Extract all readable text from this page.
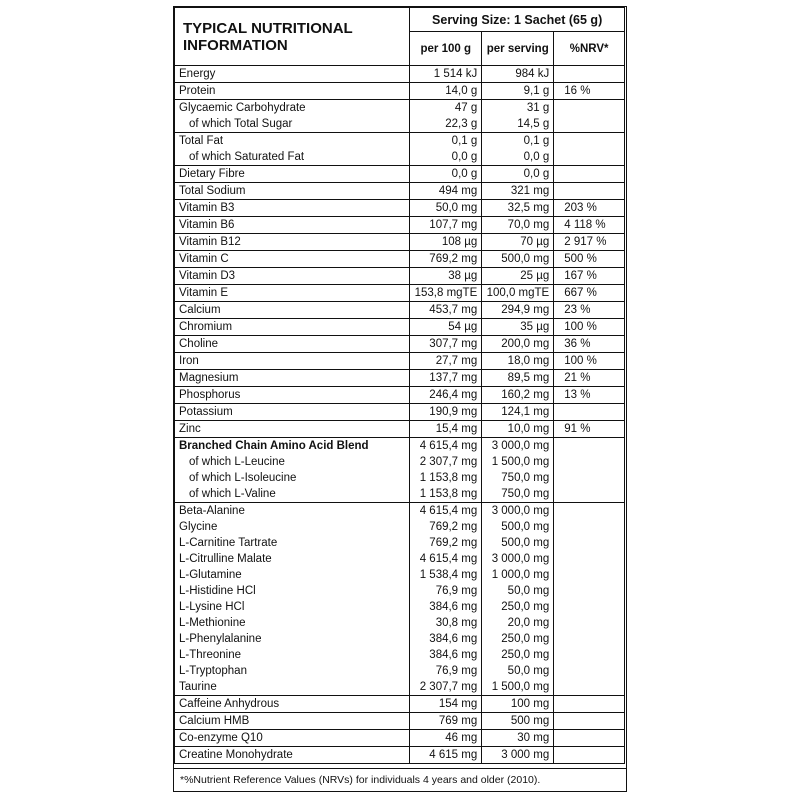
TYPICAL NUTRITIONAL
INFORMATION	Serving Size: 1 Sachet (65 g)		
	per 100 g	per serving	%NRV*
Energy	1 514 kJ	984 kJ	
Protein	14,0 g	9,1 g	16 %
Glycaemic Carbohydrate	47 g	31 g	
of which Total Sugar	22,3 g	14,5 g	
Total Fat	0,1 g	0,1 g	
of which Saturated Fat	0,0 g	0,0 g	
Dietary Fibre	0,0 g	0,0 g	
Total Sodium	494 mg	321 mg	
Vitamin B3	50,0 mg	32,5 mg	203 %
Vitamin B6	107,7 mg	70,0 mg	4 118 %
Vitamin B12	108 µg	70 µg	2 917 %
Vitamin C	769,2 mg	500,0 mg	500 %
Vitamin D3	38 µg	25 µg	167 %
Vitamin E	153,8 mgTE	100,0 mgTE	667 %
Calcium	453,7 mg	294,9 mg	23 %
Chromium	54 µg	35 µg	100 %
Choline	307,7 mg	200,0 mg	36 %
Iron	27,7 mg	18,0 mg	100 %
Magnesium	137,7 mg	89,5 mg	21 %
Phosphorus	246,4 mg	160,2 mg	13 %
Potassium	190,9 mg	124,1 mg	
Zinc	15,4 mg	10,0 mg	91 %
Branched Chain Amino Acid Blend	4 615,4 mg	3 000,0 mg	
of which L-Leucine	2 307,7 mg	1 500,0 mg	
of which L-Isoleucine	1 153,8 mg	750,0 mg	
of which L-Valine	1 153,8 mg	750,0 mg	
Beta-Alanine	4 615,4 mg	3 000,0 mg	
Glycine	769,2 mg	500,0 mg	
L-Carnitine Tartrate	769,2 mg	500,0 mg	
L-Citrulline Malate	4 615,4 mg	3 000,0 mg	
L-Glutamine	1 538,4 mg	1 000,0 mg	
L-Histidine HCl	76,9 mg	50,0 mg	
L-Lysine HCl	384,6 mg	250,0 mg	
L-Methionine	30,8 mg	20,0 mg	
L-Phenylalanine	384,6 mg	250,0 mg	
L-Threonine	384,6 mg	250,0 mg	
L-Tryptophan	76,9 mg	50,0 mg	
Taurine	2 307,7 mg	1 500,0 mg	
Caffeine Anhydrous	154 mg	100 mg	
Calcium HMB	769 mg	500 mg	
Co-enzyme Q10	46 mg	30 mg	
Creatine Monohydrate	4 615 mg	3 000 mg	
*%Nutrient Reference Values (NRVs) for individuals 4 years and older (2010).
